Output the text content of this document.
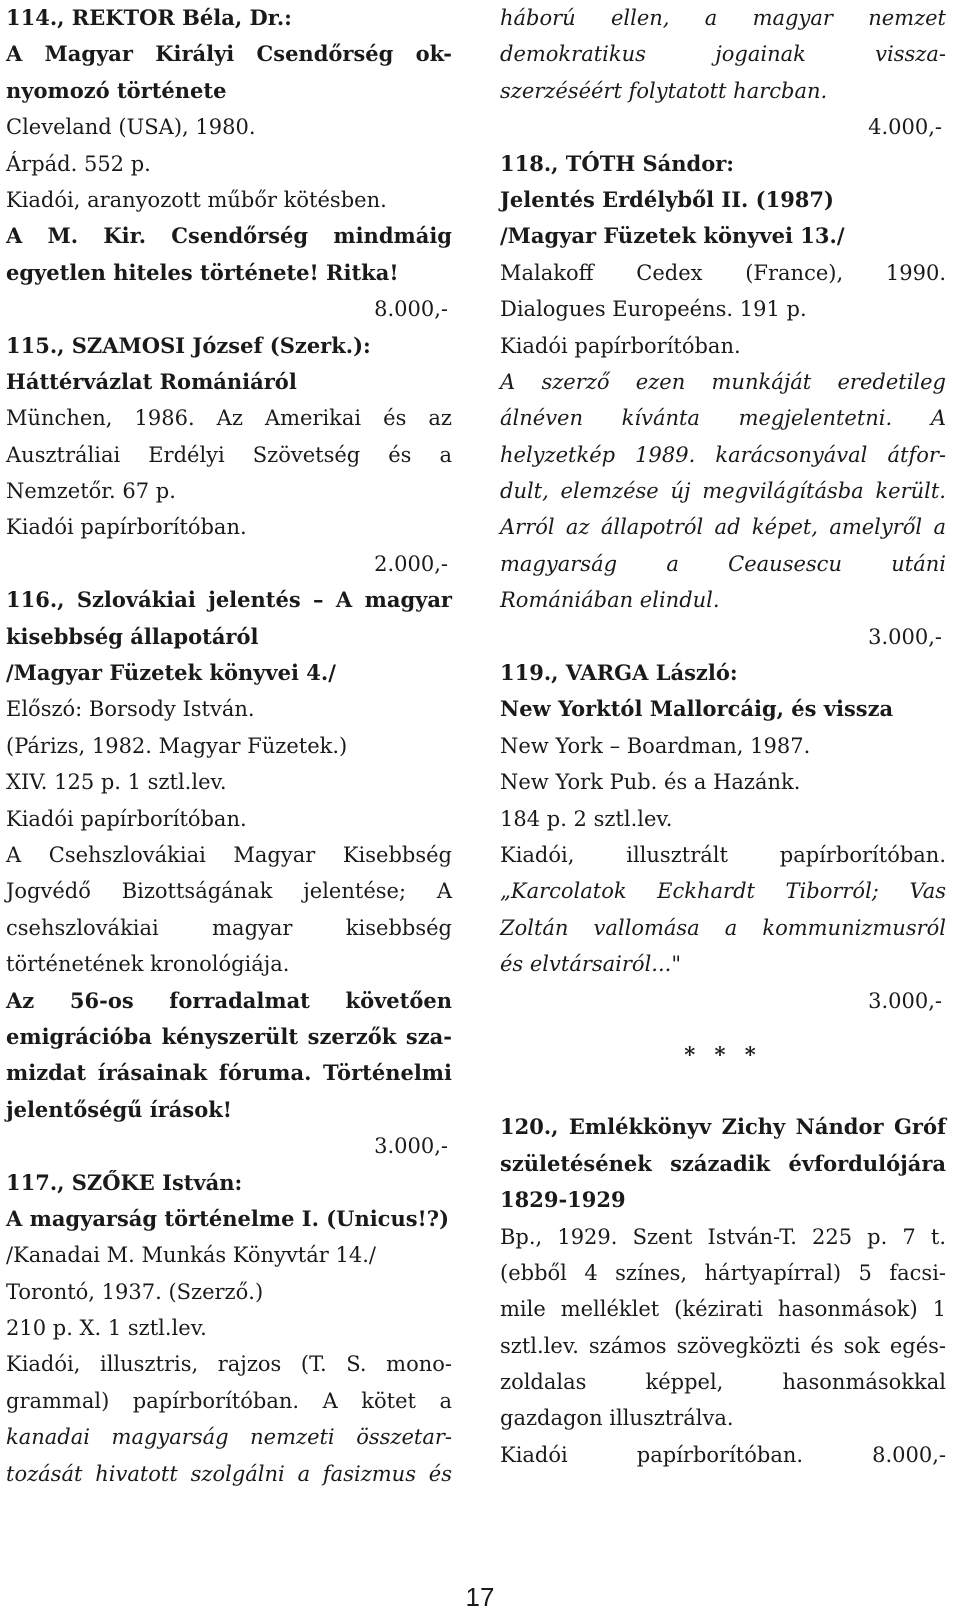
114., REKTOR Béla, Dr.:
A Magyar Királyi Csendőrség ok-
nyomozó története
Cleveland (USA), 1980.
Árpád. 552 p.
Kiadói, aranyozott műbőr kötésben.
A M. Kir. Csendőrség mindmáig
egyetlen hiteles története! Ritka!
8.000,-
115., SZAMOSI József (Szerk.):
Háttérvázlat Romániáról
München, 1986. Az Amerikai és az
Ausztráliai Erdélyi Szövetség és a
Nemzetőr. 67 p.
Kiadói papírborítóban.
2.000,-
116., Szlovákiai jelentés – A magyar
kisebbség állapotáról
/Magyar Füzetek könyvei 4./
Előszó: Borsody István.
(Párizs, 1982. Magyar Füzetek.)
XIV. 125 p. 1 sztl.lev.
Kiadói papírborítóban.
A Csehszlovákiai Magyar Kisebbség
Jogvédő Bizottságának jelentése; A
csehszlovákiai magyar kisebbség
történetének kronológiája.
Az 56-os forradalmat követően
emigrációba kényszerült szerzők sza-
mizdat írásainak fóruma. Történelmi
jelentőségű írások!
3.000,-
117., SZŐKE István:
A magyarság történelme I. (Unicus!?)
/Kanadai M. Munkás Könyvtár 14./
Torontó, 1937. (Szerző.)
210 p. X. 1 sztl.lev.
Kiadói, illusztris, rajzos (T. S. mono-
grammal) papírborítóban. A kötet a
kanadai magyarság nemzeti összetar-
tozását hivatott szolgálni a fasizmus és
háború ellen, a magyar nemzet
demokratikus jogainak vissza-
szerzéséért folytatott harcban.
4.000,-
118., TÓTH Sándor:
Jelentés Erdélyből II. (1987)
/Magyar Füzetek könyvei 13./
Malakoff Cedex (France), 1990.
Dialogues Europeéns. 191 p.
Kiadói papírborítóban.
A szerző ezen munkáját eredetileg
álnéven kívánta megjelentetni. A
helyzetkép 1989. karácsonyával átfor-
dult, elemzése új megvilágításba került.
Arról az állapotról ad képet, amelyről a
magyarság a Ceausescu utáni
Romániában elindul.
3.000,-
119., VARGA László:
New Yorktól Mallorcáig, és vissza
New York – Boardman, 1987.
New York Pub. és a Hazánk.
184 p. 2 sztl.lev.
Kiadói, illusztrált papírborítóban.
„Karcolatok Eckhardt Tiborról; Vas
Zoltán vallomása a kommunizmusról
és elvtársairól..."
3.000,-
* * *
120., Emlékkönyv Zichy Nándor Gróf
születésének századik évfordulójára
1829-1929
Bp., 1929. Szent István-T. 225 p. 7 t.
(ebből 4 színes, hártyapírral) 5 facsi-
mile melléklet (kézirati hasonmások) 1
sztl.lev. számos szövegközti és sok egés-
zoldalas képpel, hasonmásokkal
gazdagon illusztrálva.
Kiadói papírborítóban. 8.000,-
17
